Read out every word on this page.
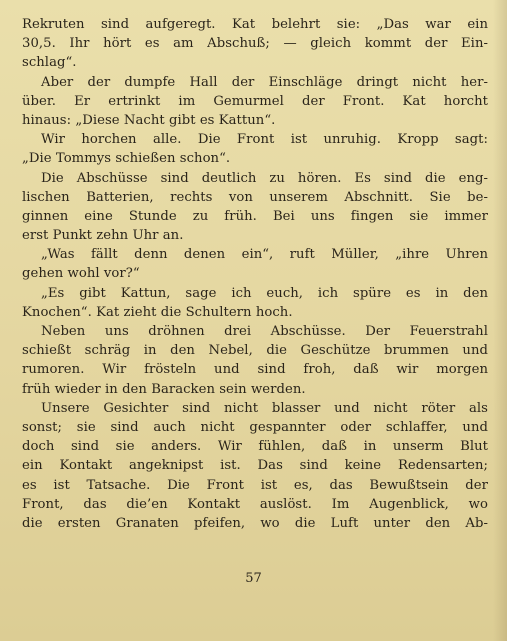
Rekruten sind aufgeregt. Kat belehrt sie: „Das war ein
30,5. Ihr hört es am Abschuß; — gleich kommt der Ein-
schlag“.
Aber der dumpfe Hall der Einschläge dringt nicht her-
über. Er ertrinkt im Gemurmel der Front. Kat horcht
hinaus: „Diese Nacht gibt es Kattun“.
Wir horchen alle. Die Front ist unruhig. Kropp sagt:
„Die Tommys schießen schon“.
Die Abschüsse sind deutlich zu hören. Es sind die eng-
lischen Batterien, rechts von unserem Abschnitt. Sie be-
ginnen eine Stunde zu früh. Bei uns fingen sie immer
erst Punkt zehn Uhr an.
„Was fällt denn denen ein“, ruft Müller, „ihre Uhren
gehen wohl vor?“
„Es gibt Kattun, sage ich euch, ich spüre es in den
Knochen“. Kat zieht die Schultern hoch.
Neben uns dröhnen drei Abschüsse. Der Feuerstrahl
schießt schräg in den Nebel, die Geschütze brummen und
rumoren. Wir frösteln und sind froh, daß wir morgen
früh wieder in den Baracken sein werden.
Unsere Gesichter sind nicht blasser und nicht röter als
sonst; sie sind auch nicht gespannter oder schlaffer, und
doch sind sie anders. Wir fühlen, daß in unserm Blut
ein Kontakt angeknipst ist. Das sind keine Redensarten;
es ist Tatsache. Die Front ist es, das Bewußtsein der
Front, das die’en Kontakt auslöst. Im Augenblick, wo
die ersten Granaten pfeifen, wo die Luft unter den Ab-
57
